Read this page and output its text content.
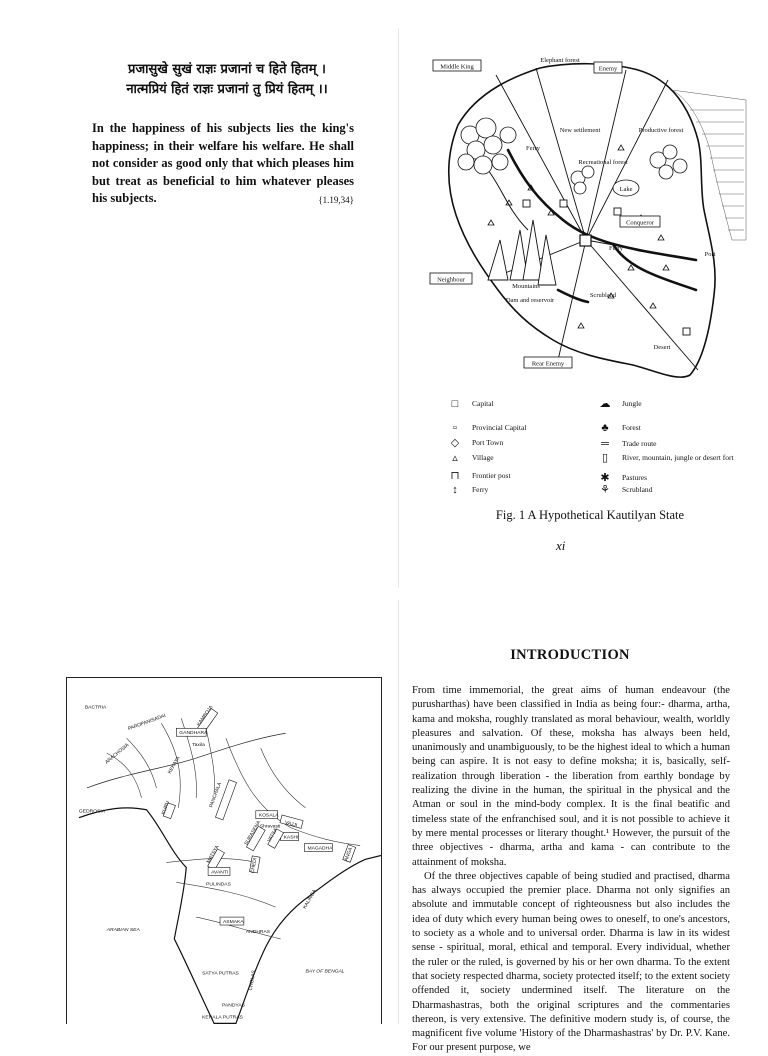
प्रजासुखे सुखं राज्ञः प्रजानां च हिते हितम् ।
नात्मप्रियं हितं राज्ञः प्रजानां तु प्रियं हितम् ।।
In the happiness of his subjects lies the king's happiness; in their welfare his welfare. He shall not consider as good only that which pleases him but treat as beneficial to him whatever pleases his subjects.	{1.19,34}
Middle King
Elephant forest
Enemy
New settlement	Productive forest
Ferry
Recreational forest
Lake
Conqueror
Ferry
Port
Neighbour
Mountains
Dam and reservoir
Scrubland
Desert
Rear Enemy
□	Capital
▫	Provincial Capital
◇	Port Town
▵	Village
⊓	Frontier post
↕	Ferry
☁ Jungle
♣	Forest
═	Trade route
▯	River, mountain, jungle or desert fort
✱	Pastures
⚘ Scrubland
Fig. 1 A Hypothetical Kautilyan State
xi
BACTRIA
PAROPANISADAI	KAMBOJA
GANDHARA
Taxila
ARACHOSIA	KEKAYA
GEDROSIA	KURU	PANCHALA
KOSALA
VAJJI
Shravasti
KASHI
MAGADHA
MATSYA
SURASENA VATSA
ANGA
AVANTI	CHEDI
PULINDAS
ASMAKA
ANDHRAS
KALINGA
ARABIAN SEA
BAY OF BENGAL
SATYA PUTRAS
KERALA PUTRAS
PANDYAS
CHOLAS
INTRODUCTION

From time immemorial, the great aims of human endeavour (the purusharthas) have been classified in India as being four:- dharma, artha, kama and moksha, roughly translated as moral behaviour, wealth, worldly pleasures and salvation. Of these, moksha has always been held, unanimously and unambiguously, to be the highest ideal to which a human being can aspire. It is not easy to define moksha; it is, basically, self-realization through liberation - the liberation from earthly bondage by realizing the divine in the human, the spiritual in the physical and the Atman or soul in the mind-body complex. It is the final beatific and timeless state of the enfranchised soul, and it is not possible to achieve it by mere mental processes or literary thought.¹ However, the pursuit of the three objectives - dharma, artha and kama - can contribute to the attainment of moksha.

Of the three objectives capable of being studied and practised, dharma has always occupied the premier place. Dharma not only signifies an absolute and immutable concept of righteousness but also includes the idea of duty which every human being owes to oneself, to one's ancestors, to society as a whole and to universal order. Dharma is law in its widest sense - spiritual, moral, ethical and temporal. Every individual, whether the ruler or the ruled, is governed by his or her own dharma. To the extent that society respected dharma, society protected itself; to the extent society offended it, society undermined itself. The literature on the Dharmashastras, both the original scriptures and the commentaries thereon, is very extensive. The definitive modern study is, of course, the magnificent five volume 'History of the Dharmashastras' by Dr. P.V. Kane. For our present purpose, we
